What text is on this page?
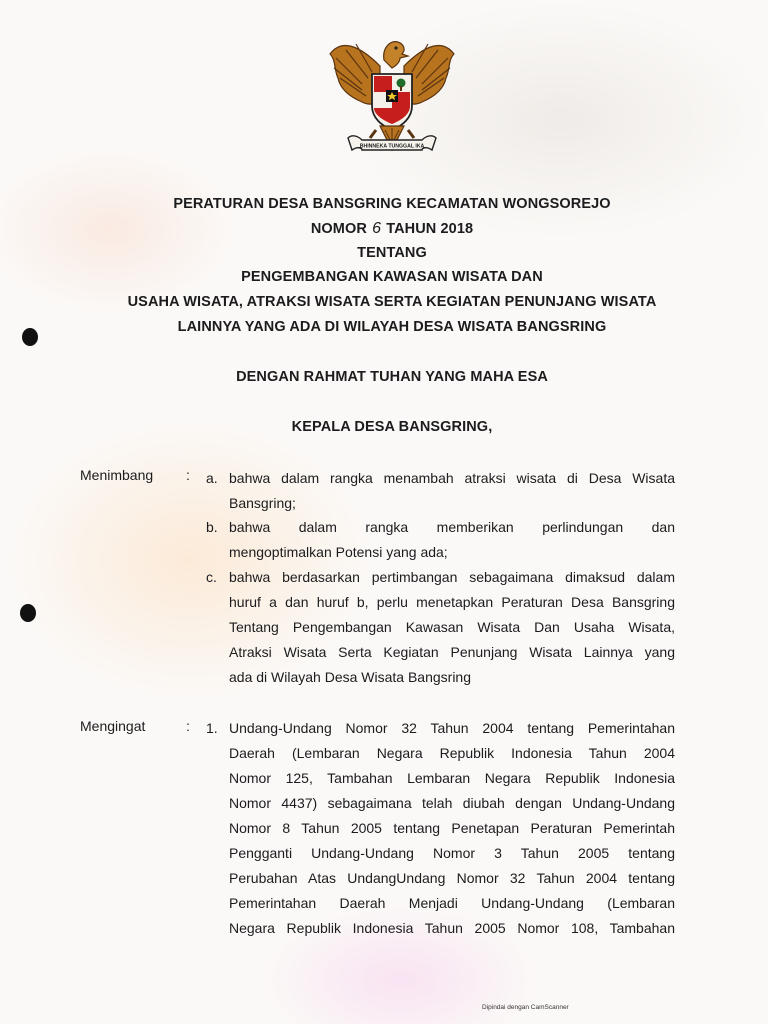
BHINNEKA TUNGGAL IKA
PERATURAN DESA BANSGRING KECAMATAN WONGSOREJO
NOMOR 6 TAHUN 2018
TENTANG
PENGEMBANGAN KAWASAN WISATA DAN
USAHA WISATA, ATRAKSI WISATA SERTA KEGIATAN PENUNJANG WISATA
LAINNYA YANG ADA DI WILAYAH DESA WISATA BANGSRING
DENGAN RAHMAT TUHAN YANG MAHA ESA
KEPALA DESA BANSGRING,
Menimbang : a. bahwa dalam rangka menambah atraksi wisata di Desa Wisata
Bansgring;
b. bahwa dalam rangka memberikan perlindungan dan
mengoptimalkan Potensi yang ada;
c. bahwa berdasarkan pertimbangan sebagaimana dimaksud dalam
huruf a dan huruf b, perlu menetapkan Peraturan Desa Bansgring
Tentang Pengembangan Kawasan Wisata Dan Usaha Wisata,
Atraksi Wisata Serta Kegiatan Penunjang Wisata Lainnya yang
ada di Wilayah Desa Wisata Bangsring
Mengingat	: 1. Undang-Undang Nomor 32 Tahun 2004 tentang Pemerintahan
Daerah (Lembaran Negara Republik Indonesia Tahun 2004
Nomor 125, Tambahan Lembaran Negara Republik Indonesia
Nomor 4437) sebagaimana telah diubah dengan Undang-Undang
Nomor 8 Tahun 2005 tentang Penetapan Peraturan Pemerintah
Pengganti Undang-Undang Nomor 3 Tahun 2005 tentang
Perubahan Atas UndangUndang Nomor 32 Tahun 2004 tentang
Pemerintahan Daerah Menjadi Undang-Undang (Lembaran
Negara Republik Indonesia Tahun 2005 Nomor 108, Tambahan
Dipindai dengan CamScanner
